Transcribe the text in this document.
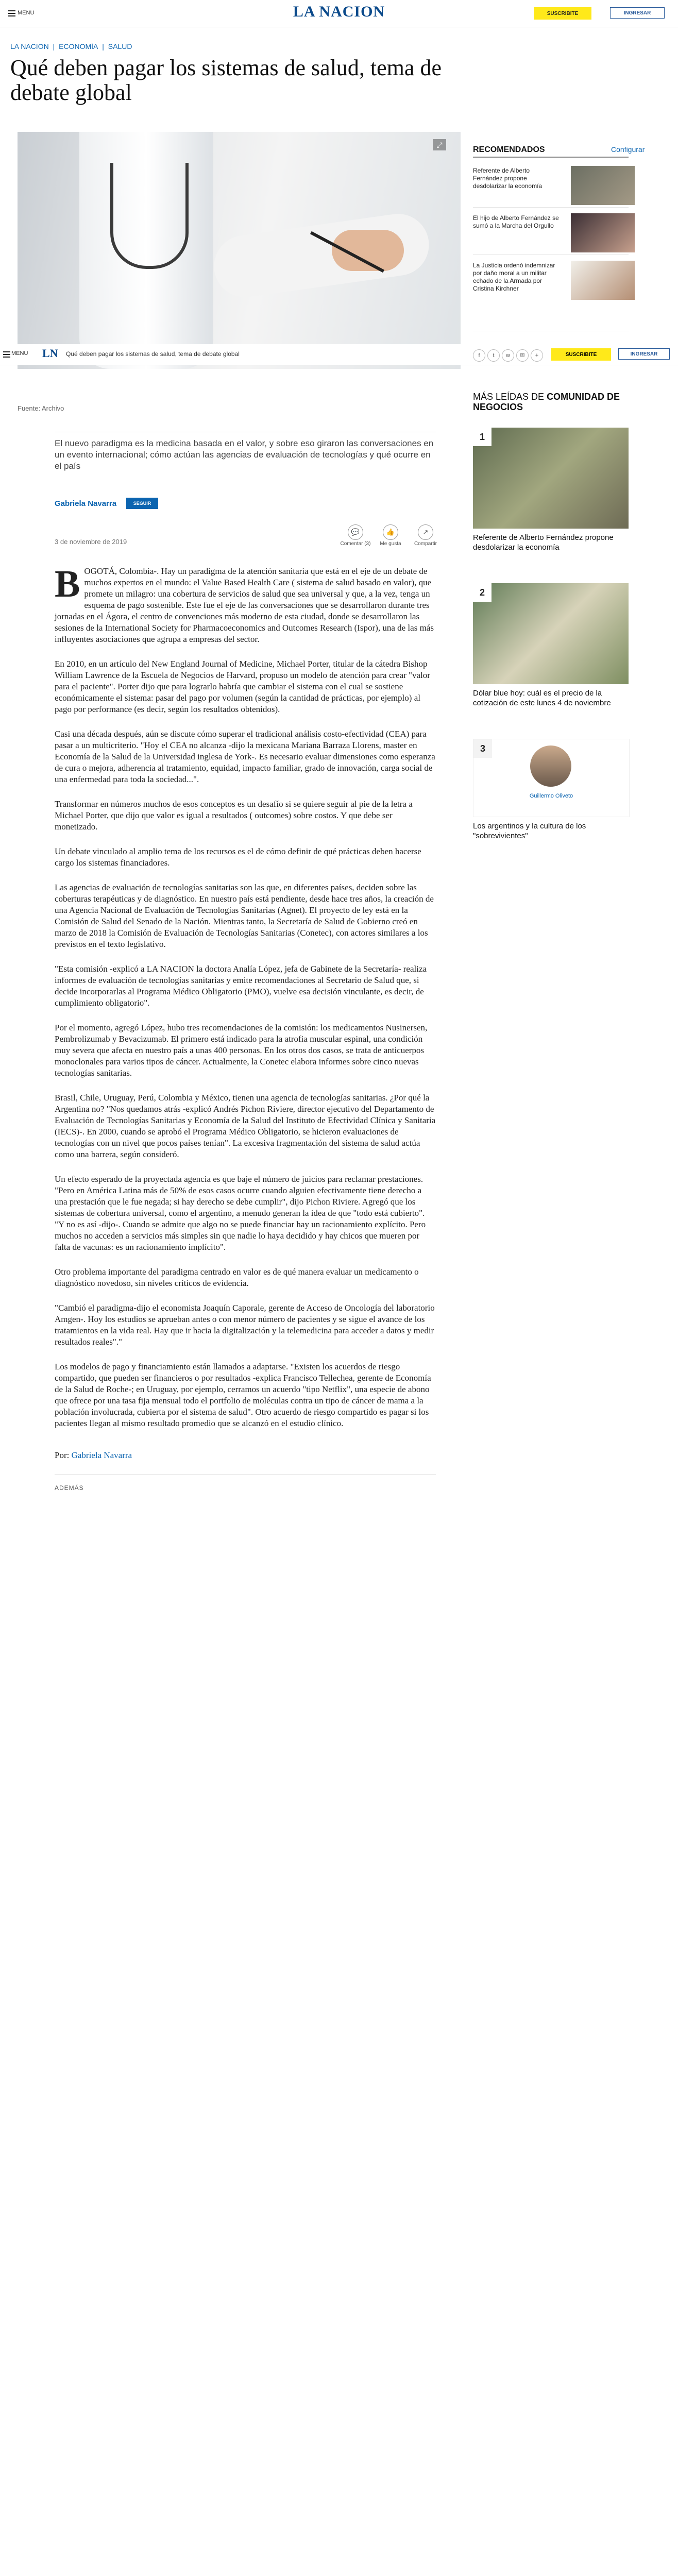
MENU	LA NACION	SUSCRIBITE	INGRESAR
LA NACION | ECONOMÍA | SALUD
Qué deben pagar los sistemas de salud, tema de debate global
⤢
Fuente: Archivo
MENU LN Qué deben pagar los sistemas de salud, tema de debate global	f	t	w	✉	+	SUSCRIBITE	INGRESAR
RECOMENDADOS	Configurar
Referente de Alberto Fernández propone desdolarizar la economía
El hijo de Alberto Fernández se sumó a la Marcha del Orgullo
La Justicia ordenó indemnizar por daño moral a un militar echado de la Armada por Cristina Kirchner
MÁS LEÍDAS DE COMUNIDAD DE NEGOCIOS
1
Referente de Alberto Fernández propone desdolarizar la economía
2
Dólar blue hoy: cuál es el precio de la cotización de este lunes 4 de noviembre
3
Guillermo Oliveto
Los argentinos y la cultura de los "sobrevivientes"
El nuevo paradigma es la medicina basada en el valor, y sobre eso giraron las conversaciones en un evento internacional; cómo actúan las agencias de evaluación de tecnologías y qué ocurre en el país
Gabriela Navarra	SEGUIR
3 de noviembre de 2019
💬
Comentar (3)
👍
Me gusta
↗
Compartir

BOGOTÁ, Colombia-. Hay un paradigma de la atención sanitaria que está en el eje de un debate de muchos expertos en el mundo: el Value Based Health Care ( sistema de salud basado en valor), que promete un milagro: una cobertura de servicios de salud que sea universal y que, a la vez, tenga un esquema de pago sostenible. Este fue el eje de las conversaciones que se desarrollaron durante tres jornadas en el Ágora, el centro de convenciones más moderno de esta ciudad, donde se desarrollaron las sesiones de la International Society for Pharmacoeconomics and Outcomes Research (Ispor), una de las más influyentes asociaciones que agrupa a empresas del sector.

En 2010, en un artículo del New England Journal of Medicine, Michael Porter, titular de la cátedra Bishop William Lawrence de la Escuela de Negocios de Harvard, propuso un modelo de atención para crear "valor para el paciente". Porter dijo que para lograrlo habría que cambiar el sistema con el cual se sostiene económicamente el sistema: pasar del pago por volumen (según la cantidad de prácticas, por ejemplo) al pago por performance (es decir, según los resultados obtenidos).

Casi una década después, aún se discute cómo superar el tradicional análisis costo-efectividad (CEA) para pasar a un multicriterio. "Hoy el CEA no alcanza -dijo la mexicana Mariana Barraza Llorens, master en Economía de la Salud de la Universidad inglesa de York-. Es necesario evaluar dimensiones como esperanza de cura o mejora, adherencia al tratamiento, equidad, impacto familiar, grado de innovación, carga social de una enfermedad para toda la sociedad...".

Transformar en números muchos de esos conceptos es un desafío si se quiere seguir al pie de la letra a Michael Porter, que dijo que valor es igual a resultados ( outcomes) sobre costos. Y que debe ser monetizado.

Un debate vinculado al amplio tema de los recursos es el de cómo definir de qué prácticas deben hacerse cargo los sistemas financiadores.

Las agencias de evaluación de tecnologías sanitarias son las que, en diferentes países, deciden sobre las coberturas terapéuticas y de diagnóstico. En nuestro país está pendiente, desde hace tres años, la creación de una Agencia Nacional de Evaluación de Tecnologías Sanitarias (Agnet). El proyecto de ley está en la Comisión de Salud del Senado de la Nación. Mientras tanto, la Secretaría de Salud de Gobierno creó en marzo de 2018 la Comisión de Evaluación de Tecnologías Sanitarias (Conetec), con actores similares a los previstos en el texto legislativo.

"Esta comisión -explicó a LA NACION la doctora Analía López, jefa de Gabinete de la Secretaría- realiza informes de evaluación de tecnologías sanitarias y emite recomendaciones al Secretario de Salud que, si decide incorporarlas al Programa Médico Obligatorio (PMO), vuelve esa decisión vinculante, es decir, de cumplimiento obligatorio".

Por el momento, agregó López, hubo tres recomendaciones de la comisión: los medicamentos Nusinersen, Pembrolizumab y Bevacizumab. El primero está indicado para la atrofia muscular espinal, una condición muy severa que afecta en nuestro país a unas 400 personas. En los otros dos casos, se trata de anticuerpos monoclonales para varios tipos de cáncer. Actualmente, la Conetec elabora informes sobre cinco nuevas tecnologías sanitarias.

Brasil, Chile, Uruguay, Perú, Colombia y México, tienen una agencia de tecnologías sanitarias. ¿Por qué la Argentina no? "Nos quedamos atrás -explicó Andrés Pichon Riviere, director ejecutivo del Departamento de Evaluación de Tecnologías Sanitarias y Economía de la Salud del Instituto de Efectividad Clínica y Sanitaria (IECS)-. En 2000, cuando se aprobó el Programa Médico Obligatorio, se hicieron evaluaciones de tecnologías con un nivel que pocos países tenían". La excesiva fragmentación del sistema de salud actúa como una barrera, según consideró.

Un efecto esperado de la proyectada agencia es que baje el número de juicios para reclamar prestaciones. "Pero en América Latina más de 50% de esos casos ocurre cuando alguien efectivamente tiene derecho a una prestación que le fue negada; si hay derecho se debe cumplir", dijo Pichon Riviere. Agregó que los sistemas de cobertura universal, como el argentino, a menudo generan la idea de que "todo está cubierto". "Y no es así -dijo-. Cuando se admite que algo no se puede financiar hay un racionamiento explícito. Pero muchos no acceden a servicios más simples sin que nadie lo haya decidido y hay chicos que mueren por falta de vacunas: es un racionamiento implícito".

Otro problema importante del paradigma centrado en valor es de qué manera evaluar un medicamento o diagnóstico novedoso, sin niveles críticos de evidencia.

"Cambió el paradigma-dijo el economista Joaquín Caporale, gerente de Acceso de Oncología del laboratorio Amgen-. Hoy los estudios se aprueban antes o con menor número de pacientes y se sigue el avance de los tratamientos en la vida real. Hay que ir hacia la digitalización y la telemedicina para acceder a datos y medir resultados reales"."

Los modelos de pago y financiamiento están llamados a adaptarse. "Existen los acuerdos de riesgo compartido, que pueden ser financieros o por resultados -explica Francisco Tellechea, gerente de Economía de la Salud de Roche-; en Uruguay, por ejemplo, cerramos un acuerdo "tipo Netflix", una especie de abono que ofrece por una tasa fija mensual todo el portfolio de moléculas contra un tipo de cáncer de mama a la población involucrada, cubierta por el sistema de salud". Otro acuerdo de riesgo compartido es pagar si los pacientes llegan al mismo resultado promedio que se alcanzó en el estudio clínico.

Por: Gabriela Navarra

ADEMÁS
